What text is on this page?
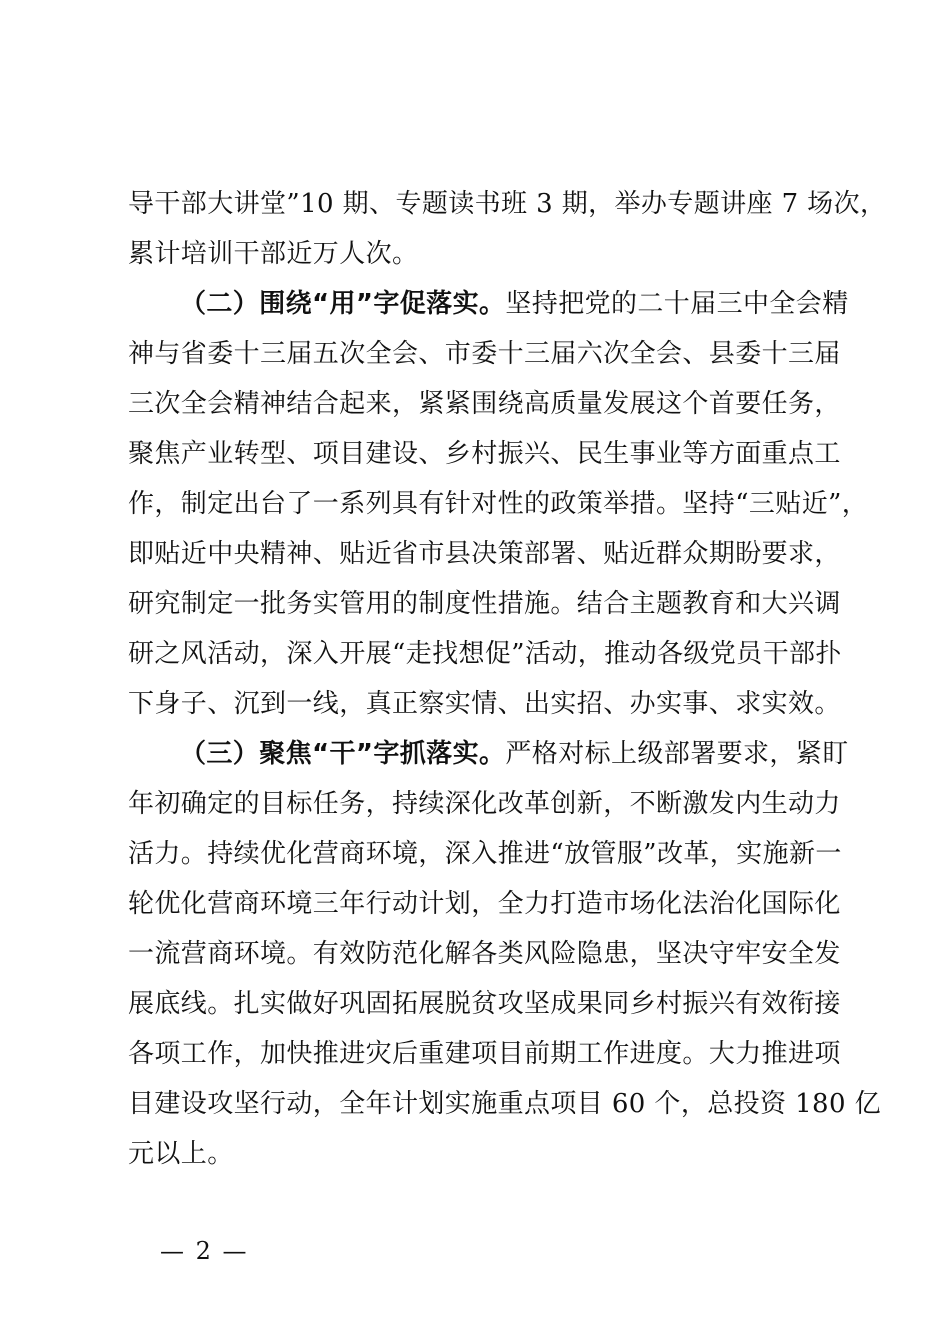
导干部大讲堂”10 期、专题读书班 3 期，举办专题讲座 7 场次，
累计培训干部近万人次。
（二）围绕“用”字促落实。坚持把党的二十届三中全会精
神与省委十三届五次全会、市委十三届六次全会、县委十三届
三次全会精神结合起来，紧紧围绕高质量发展这个首要任务，
聚焦产业转型、项目建设、乡村振兴、民生事业等方面重点工
作，制定出台了一系列具有针对性的政策举措。坚持“三贴近”，
即贴近中央精神、贴近省市县决策部署、贴近群众期盼要求，
研究制定一批务实管用的制度性措施。结合主题教育和大兴调
研之风活动，深入开展“走找想促”活动，推动各级党员干部扑
下身子、沉到一线，真正察实情、出实招、办实事、求实效。
（三）聚焦“干”字抓落实。严格对标上级部署要求，紧盯
年初确定的目标任务，持续深化改革创新，不断激发内生动力
活力。持续优化营商环境，深入推进“放管服”改革，实施新一
轮优化营商环境三年行动计划，全力打造市场化法治化国际化
一流营商环境。有效防范化解各类风险隐患，坚决守牢安全发
展底线。扎实做好巩固拓展脱贫攻坚成果同乡村振兴有效衔接
各项工作，加快推进灾后重建项目前期工作进度。大力推进项
目建设攻坚行动，全年计划实施重点项目 60 个，总投资 180 亿
元以上。
— 2 —
